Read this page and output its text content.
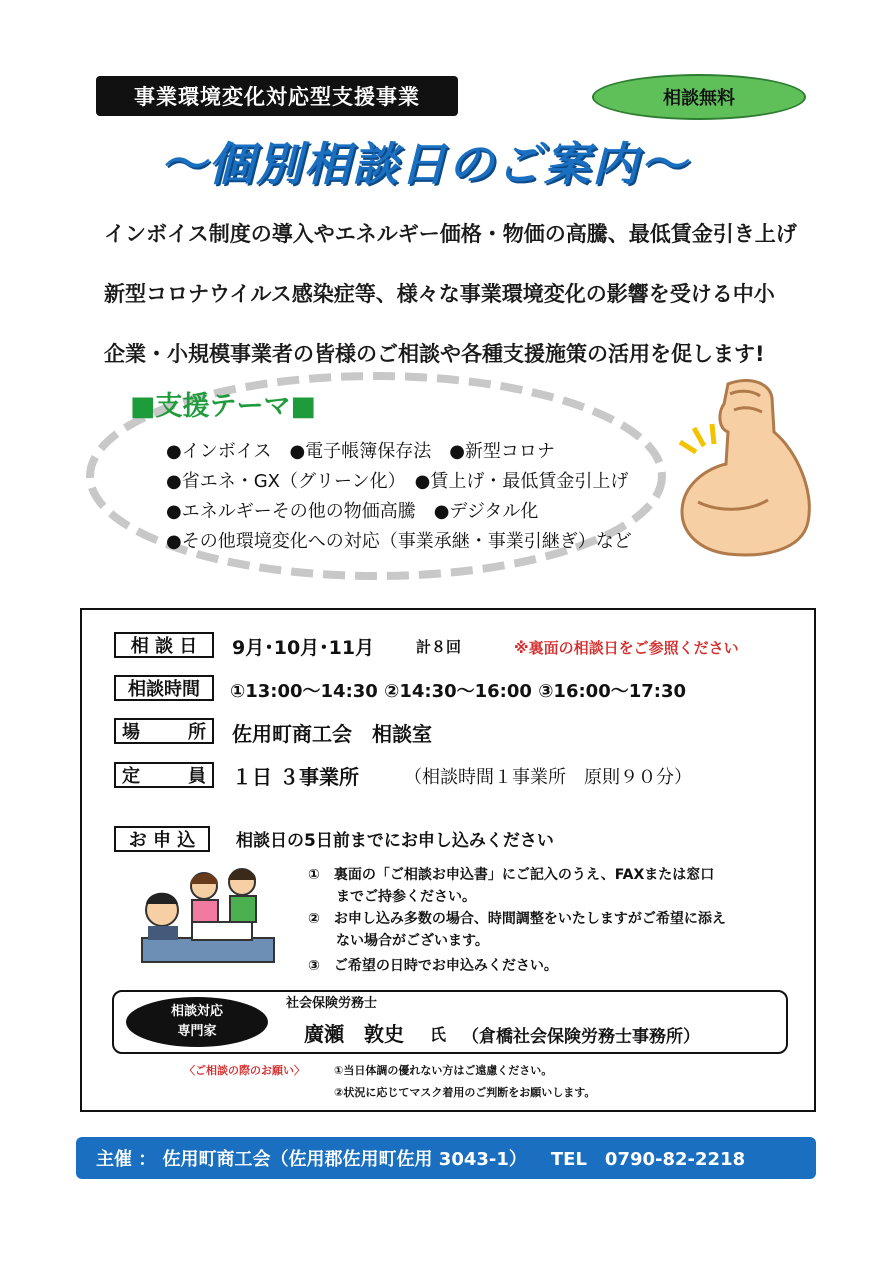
事業環境変化対応型支援事業	相談無料
～個別相談日のご案内～
インボイス制度の導入やエネルギー価格・物価の高騰、最低賃金引き上げ
新型コロナウイルス感染症等、様々な事業環境変化の影響を受ける中小
企業・小規模事業者の皆様のご相談や各種支援施策の活用を促します!
■支援テーマ■
●インボイス　●電子帳簿保存法　●新型コロナ
●省エネ・GX（グリーン化）　●賃上げ・最低賃金引上げ
●エネルギーその他の物価高騰　●デジタル化
●その他環境変化への対応（事業承継・事業引継ぎ）など
相 談 日	9月･10月･11月	計８回	※裏面の相談日をご参照ください
相談時間	①13:00～14:30 ②14:30～16:00 ③16:00～17:30
場	所 佐用町商工会　相談室
定	員 １日 ３事業所	（相談時間１事業所　原則９０分）
お 申 込	相談日の5日前までにお申し込みください
①　裏面の「ご相談お申込書」にご記入のうえ、FAXまたは窓口
　　までご持参ください。
②　お申し込み多数の場合、時間調整をいたしますがご希望に添え
　　ない場合がございます。
③　ご希望の日時でお申込みください。
相談対応
専門家
社会保険労務士
廣瀬　敦史 氏 （倉橋社会保険労務士事務所）
〈ご相談の際のお願い〉	①当日体調の優れない方はご遠慮ください。
②状況に応じてマスク着用のご判断をお願いします。
主催 ： 佐用町商工会（佐用郡佐用町佐用 3043-1） TEL　0790-82-2218
